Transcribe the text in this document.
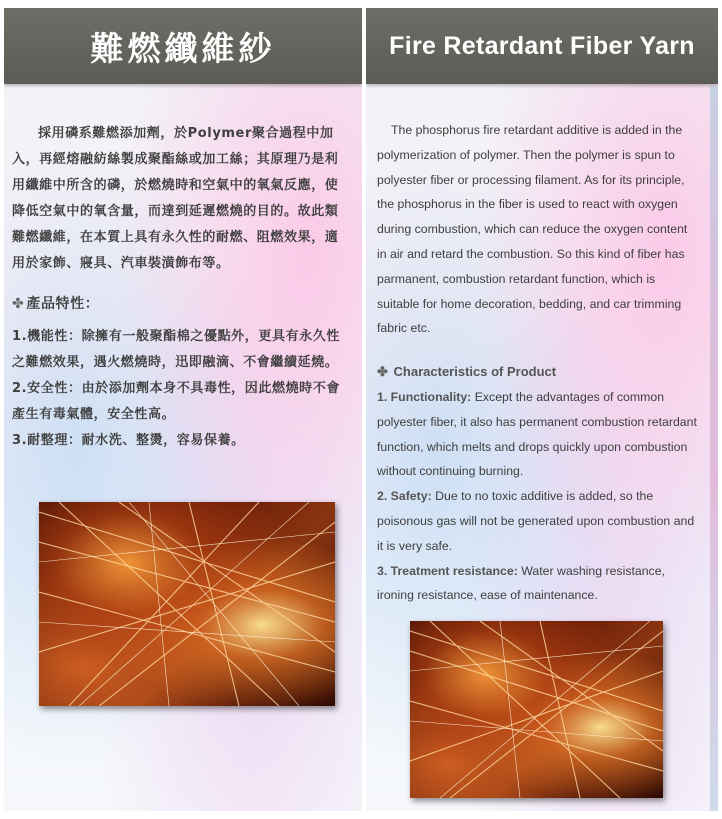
難燃纖維紗
採用磷系難燃添加劑，於Polymer聚合過程中加入，再經熔融紡絲製成聚酯絲或加工絲；其原理乃是利用纖維中所含的磷，於燃燒時和空氣中的氧氣反應，使降低空氣中的氧含量，而達到延遲燃燒的目的。故此類難燃纖維，在本質上具有永久性的耐燃、阻燃效果，適用於家飾、寢具、汽車裝潢飾布等。
✤ 產品特性：

1.機能性：除擁有一般聚酯棉之優點外，更具有永久性之難燃效果，遇火燃燒時，迅即融滴、不會繼續延燒。

2.安全性：由於添加劑本身不具毒性，因此燃燒時不會產生有毒氣體，安全性高。

3.耐整理：耐水洗、整燙，容易保養。

Fire Retardant Fiber Yarn
The phosphorus fire retardant additive is added in the polymerization of polymer. Then the polymer is spun to polyester fiber or processing filament. As for its principle, the phosphorus in the fiber is used to react with oxygen during combustion, which can reduce the oxygen content in air and retard the combustion. So this kind of fiber has parmanent, combustion retardant function, which is suitable for home decoration, bedding, and car trimming fabric etc.
✤ Characteristics of Product

1. Functionality: Except the advantages of common polyester fiber, it also has permanent combustion retardant function, which melts and drops quickly upon combustion without continuing burning.

2. Safety: Due to no toxic additive is added, so the poisonous gas will not be generated upon combustion and it is very safe.

3. Treatment resistance: Water washing resistance, ironing resistance, ease of maintenance.
